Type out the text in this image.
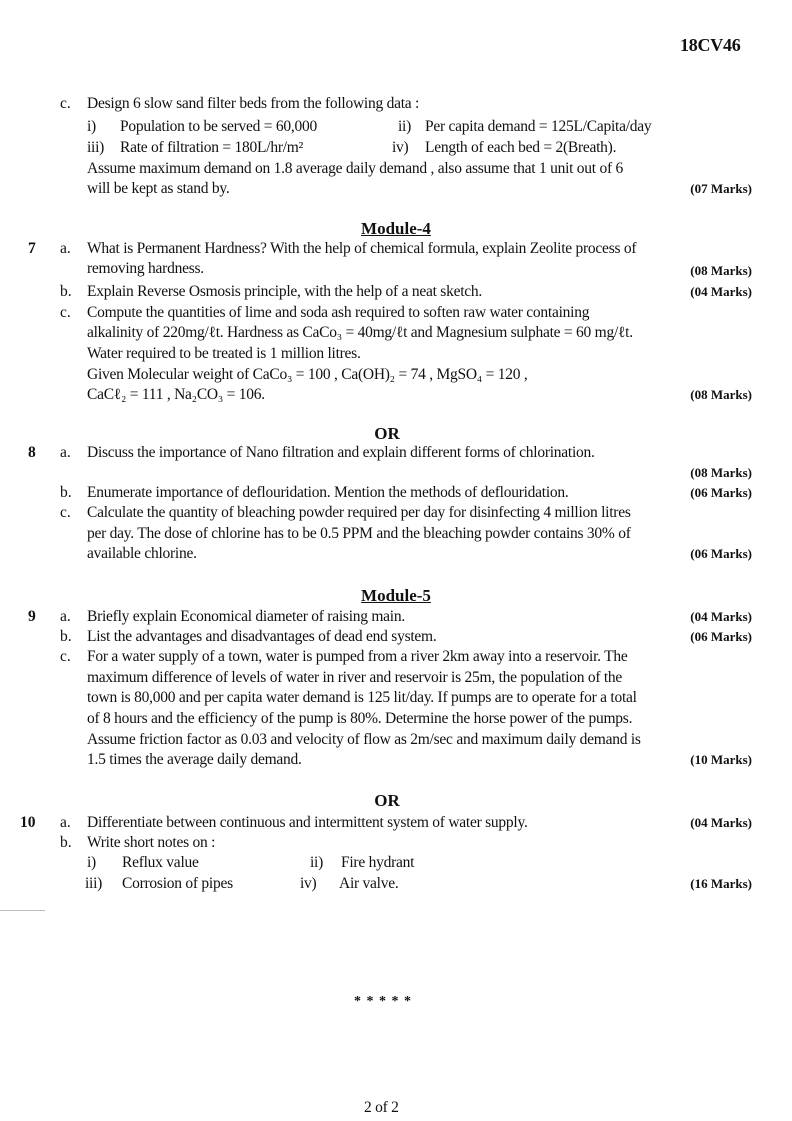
18CV46
c. Design 6 slow sand filter beds from the following data :
i) Population to be served = 60,000	ii) Per capita demand = 125L/Capita/day
iii) Rate of filtration = 180L/hr/m²	iv) Length of each bed = 2(Breath).
Assume maximum demand on 1.8 average daily demand , also assume that 1 unit out of 6
will be kept as stand by.	(07 Marks)
Module-4
7 a. What is Permanent Hardness? With the help of chemical formula, explain Zeolite process of
removing hardness.	(08 Marks)
b. Explain Reverse Osmosis principle, with the help of a neat sketch.	(04 Marks)
c. Compute the quantities of lime and soda ash required to soften raw water containing
alkalinity of 220mg/ℓt. Hardness as CaCo₃ = 40mg/ℓt and Magnesium sulphate = 60 mg/ℓt.
Water required to be treated is 1 million litres.
Given Molecular weight of CaCo₃ = 100 , Ca(OH)₂ = 74 , MgSO₄ = 120 ,
CaCℓ₂ = 111 , Na₂CO₃ = 106.	(08 Marks)
OR
8 a. Discuss the importance of Nano filtration and explain different forms of chlorination.
(08 Marks)
b. Enumerate importance of deflouridation. Mention the methods of deflouridation.	(06 Marks)
c. Calculate the quantity of bleaching powder required per day for disinfecting 4 million litres
per day. The dose of chlorine has to be 0.5 PPM and the bleaching powder contains 30% of
available chlorine.	(06 Marks)
Module-5
9 a. Briefly explain Economical diameter of raising main.	(04 Marks)
b. List the advantages and disadvantages of dead end system.	(06 Marks)
c. For a water supply of a town, water is pumped from a river 2km away into a reservoir. The
maximum difference of levels of water in river and reservoir is 25m, the population of the
town is 80,000 and per capita water demand is 125 lit/day. If pumps are to operate for a total
of 8 hours and the efficiency of the pump is 80%. Determine the horse power of the pumps.
Assume friction factor as 0.03 and velocity of flow as 2m/sec and maximum daily demand is
1.5 times the average daily demand.	(10 Marks)
OR
10 a. Differentiate between continuous and intermittent system of water supply.	(04 Marks)
b. Write short notes on :
i) Reflux value	ii) Fire hydrant
iii) Corrosion of pipes	iv) Air valve.	(16 Marks)
* * * * *
2 of 2
